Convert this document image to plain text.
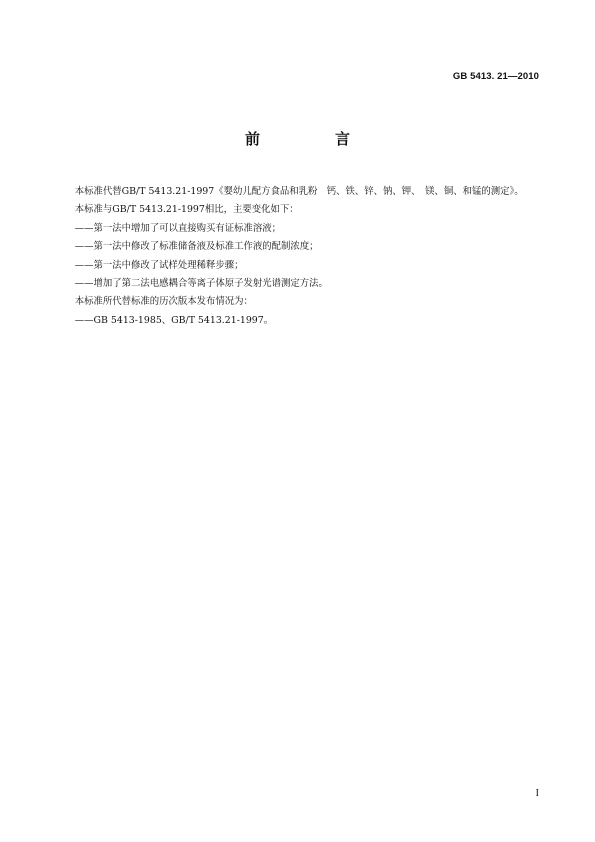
GB 5413. 21—2010
前　言

本标准代替GB/T 5413.21-1997《婴幼儿配方食品和乳粉　钙、铁、锌、钠、钾、　镁、铜、和锰的测定》。

本标准与GB/T 5413.21-1997相比，主要变化如下：

——第一法中增加了可以直接购买有证标准溶液；

——第一法中修改了标准储备液及标准工作液的配制浓度；

——第一法中修改了试样处理稀释步骤；

——增加了第二法电感耦合等离子体原子发射光谱测定方法。

本标准所代替标准的历次版本发布情况为：

——GB 5413-1985、GB/T 5413.21-1997。

I
